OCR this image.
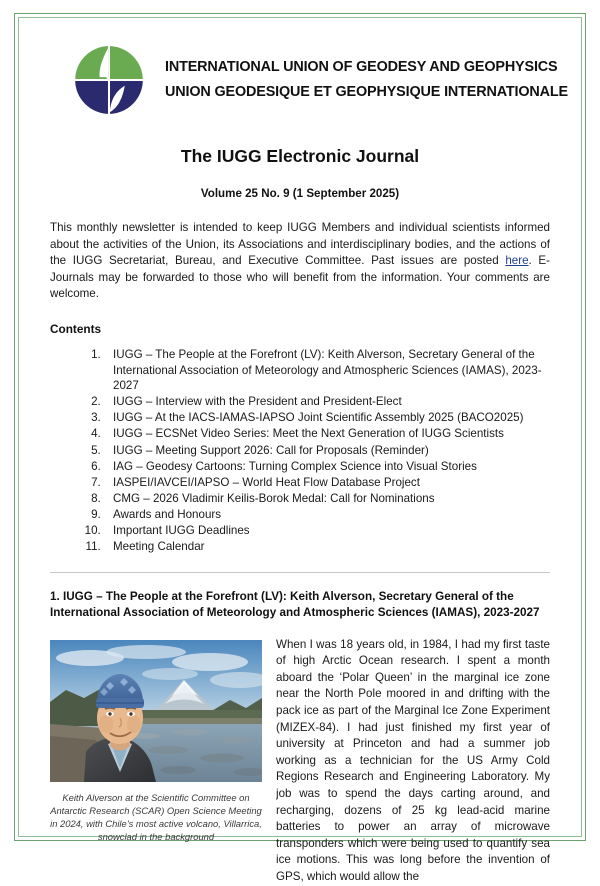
INTERNATIONAL UNION OF GEODESY AND GEOPHYSICS
UNION GEODESIQUE ET GEOPHYSIQUE INTERNATIONALE
The IUGG Electronic Journal
Volume 25 No. 9 (1 September 2025)

This monthly newsletter is intended to keep IUGG Members and individual scientists informed about the activities of the Union, its Associations and interdisciplinary bodies, and the actions of the IUGG Secretariat, Bureau, and Executive Committee. Past issues are posted here. E-Journals may be forwarded to those who will benefit from the information. Your comments are welcome.

Contents
1. IUGG – The People at the Forefront (LV): Keith Alverson, Secretary General of the International Association of Meteorology and Atmospheric Sciences (IAMAS), 2023-2027
2. IUGG – Interview with the President and President-Elect
3. IUGG – At the IACS-IAMAS-IAPSO Joint Scientific Assembly 2025 (BACO2025)
4. IUGG – ECSNet Video Series: Meet the Next Generation of IUGG Scientists
5. IUGG – Meeting Support 2026: Call for Proposals (Reminder)
6. IAG – Geodesy Cartoons: Turning Complex Science into Visual Stories
7. IASPEI/IAVCEI/IAPSO – World Heat Flow Database Project
8. CMG – 2026 Vladimir Keilis-Borok Medal: Call for Nominations
9. Awards and Honours
10. Important IUGG Deadlines
11. Meeting Calendar
1. IUGG – The People at the Forefront (LV): Keith Alverson, Secretary General of the International Association of Meteorology and Atmospheric Sciences (IAMAS), 2023-2027
Keith Alverson at the Scientific Committee on Antarctic Research (SCAR) Open Science Meeting in 2024, with Chile’s most active volcano, Villarrica, snowclad in the background
When I was 18 years old, in 1984, I had my first taste of high Arctic Ocean research. I spent a month aboard the ‘Polar Queen’ in the marginal ice zone near the North Pole moored in and drifting with the pack ice as part of the Marginal Ice Zone Experiment (MIZEX-84). I had just finished my first year of university at Princeton and had a summer job working as a technician for the US Army Cold Regions Research and Engineering Laboratory. My job was to spend the days carting around, and recharging, dozens of 25 kg lead-acid marine batteries to power an array of microwave transponders which were being used to quantify sea ice motions. This was long before the invention of GPS, which would allow the
